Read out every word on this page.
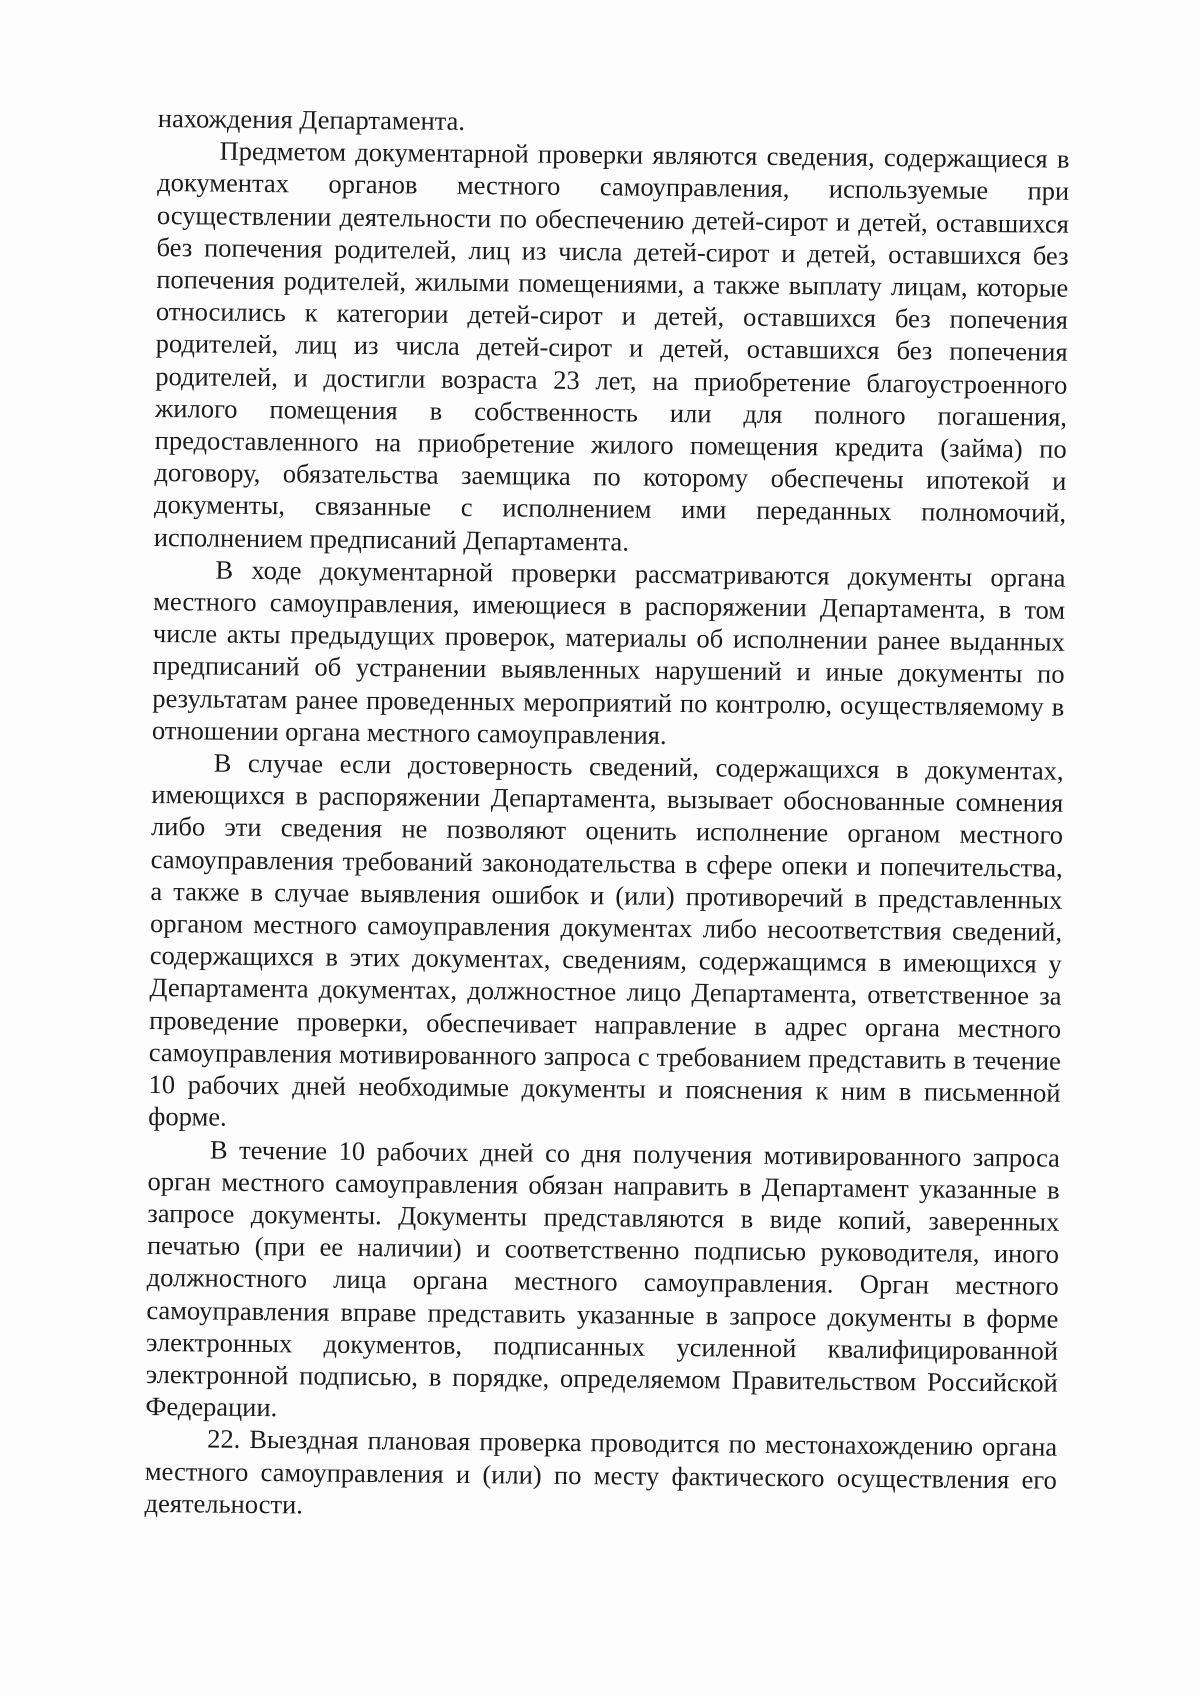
нахождения Департамента.

Предметом документарной проверки являются сведения, содержащиеся в документах органов местного самоуправления, используемые при осуществлении деятельности по обеспечению детей-сирот и детей, оставшихся без попечения родителей, лиц из числа детей-сирот и детей, оставшихся без попечения родителей, жилыми помещениями, а также выплату лицам, которые относились к категории детей-сирот и детей, оставшихся без попечения родителей, лиц из числа детей-сирот и детей, оставшихся без попечения родителей, и достигли возраста 23 лет, на приобретение благоустроенного жилого помещения в собственность или для полного погашения, предоставленного на приобретение жилого помещения кредита (займа) по договору, обязательства заемщика по которому обеспечены ипотекой и документы, связанные с исполнением ими переданных полномочий, исполнением предписаний Департамента.

В ходе документарной проверки рассматриваются документы органа местного самоуправления, имеющиеся в распоряжении Департамента, в том числе акты предыдущих проверок, материалы об исполнении ранее выданных предписаний об устранении выявленных нарушений и иные документы по результатам ранее проведенных мероприятий по контролю, осуществляемому в отношении органа местного самоуправления.

В случае если достоверность сведений, содержащихся в документах, имеющихся в распоряжении Департамента, вызывает обоснованные сомнения либо эти сведения не позволяют оценить исполнение органом местного самоуправления требований законодательства в сфере опеки и попечительства, а также в случае выявления ошибок и (или) противоречий в представленных органом местного самоуправления документах либо несоответствия сведений, содержащихся в этих документах, сведениям, содержащимся в имеющихся у Департамента документах, должностное лицо Департамента, ответственное за проведение проверки, обеспечивает направление в адрес органа местного самоуправления мотивированного запроса с требованием представить в течение 10 рабочих дней необходимые документы и пояснения к ним в письменной форме.

В течение 10 рабочих дней со дня получения мотивированного запроса орган местного самоуправления обязан направить в Департамент указанные в запросе документы. Документы представляются в виде копий, заверенных печатью (при ее наличии) и соответственно подписью руководителя, иного должностного лица органа местного самоуправления. Орган местного самоуправления вправе представить указанные в запросе документы в форме электронных документов, подписанных усиленной квалифицированной электронной подписью, в порядке, определяемом Правительством Российской Федерации.

22. Выездная плановая проверка проводится по местонахождению органа местного самоуправления и (или) по месту фактического осуществления его деятельности.
